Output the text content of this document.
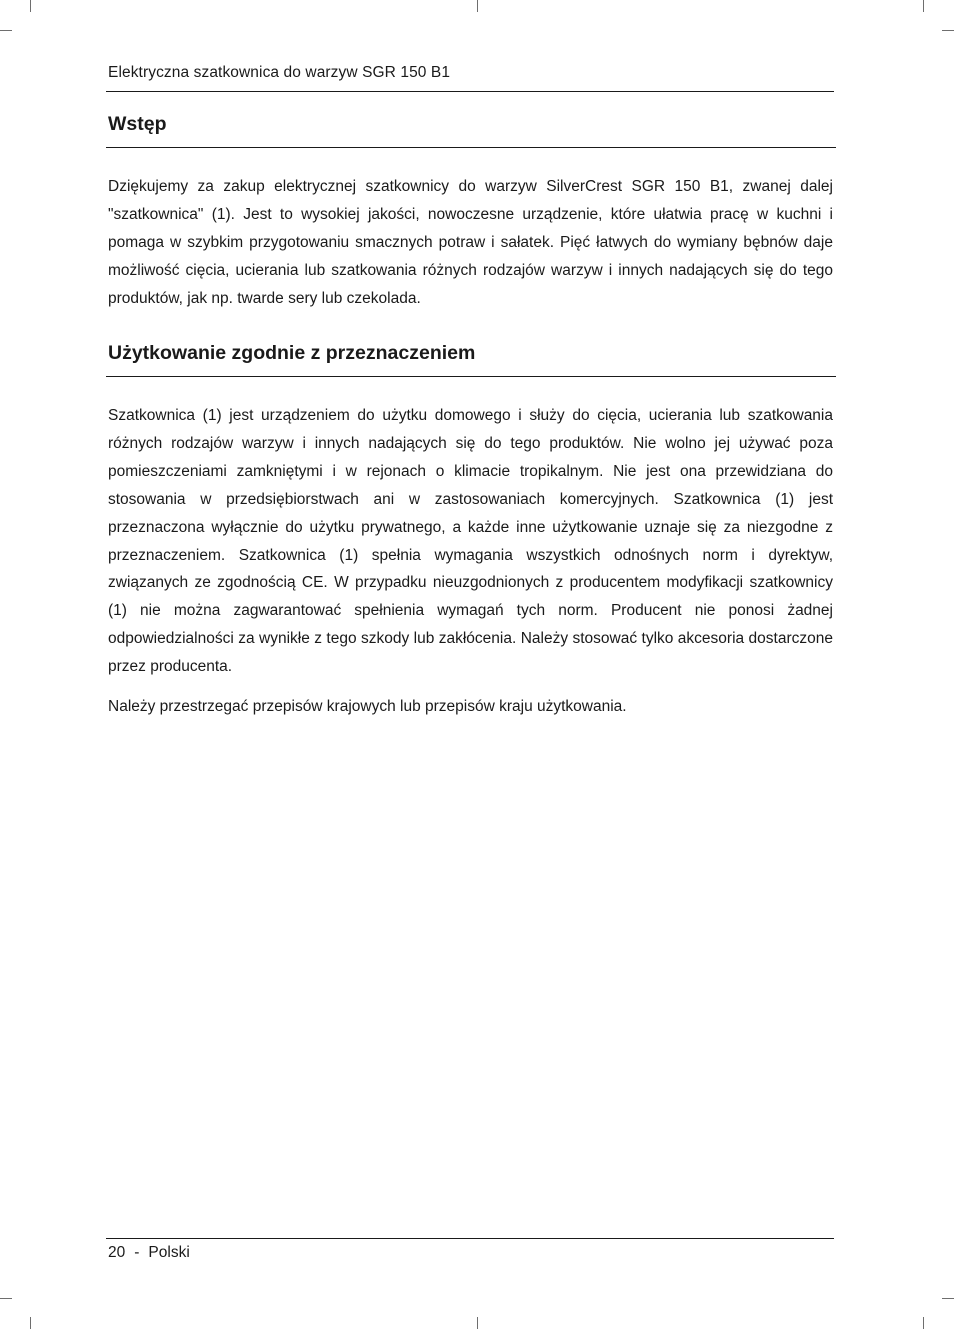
Elektryczna szatkownica do warzyw SGR 150 B1
Wstęp

Dziękujemy za zakup elektrycznej szatkownicy do warzyw SilverCrest SGR 150 B1, zwanej dalej "szatkownica" (1). Jest to wysokiej jakości, nowoczesne urządzenie, które ułatwia pracę w kuchni i pomaga w szybkim przygotowaniu smacznych potraw i sałatek. Pięć łatwych do wymiany bębnów daje możliwość cięcia, ucierania lub szatkowania różnych rodzajów warzyw i innych nadających się do tego produktów, jak np. twarde sery lub czekolada.

Użytkowanie zgodnie z przeznaczeniem

Szatkownica (1) jest urządzeniem do użytku domowego i służy do cięcia, ucierania lub szatkowania różnych rodzajów warzyw i innych nadających się do tego produktów. Nie wolno jej używać poza pomieszczeniami zamkniętymi i w rejonach o klimacie tropikalnym. Nie jest ona przewidziana do stosowania w przedsiębiorstwach ani w zastosowaniach komercyjnych. Szatkownica (1) jest przeznaczona wyłącznie do użytku prywatnego, a każde inne użytkowanie uznaje się za niezgodne z przeznaczeniem. Szatkownica (1) spełnia wymagania wszystkich odnośnych norm i dyrektyw, związanych ze zgodnością CE. W przypadku nieuzgodnionych z producentem modyfikacji szatkownicy (1) nie można zagwarantować spełnienia wymagań tych norm. Producent nie ponosi żadnej odpowiedzialności za wynikłe z tego szkody lub zakłócenia. Należy stosować tylko akcesoria dostarczone przez producenta.

Należy przestrzegać przepisów krajowych lub przepisów kraju użytkowania.

20 - Polski
